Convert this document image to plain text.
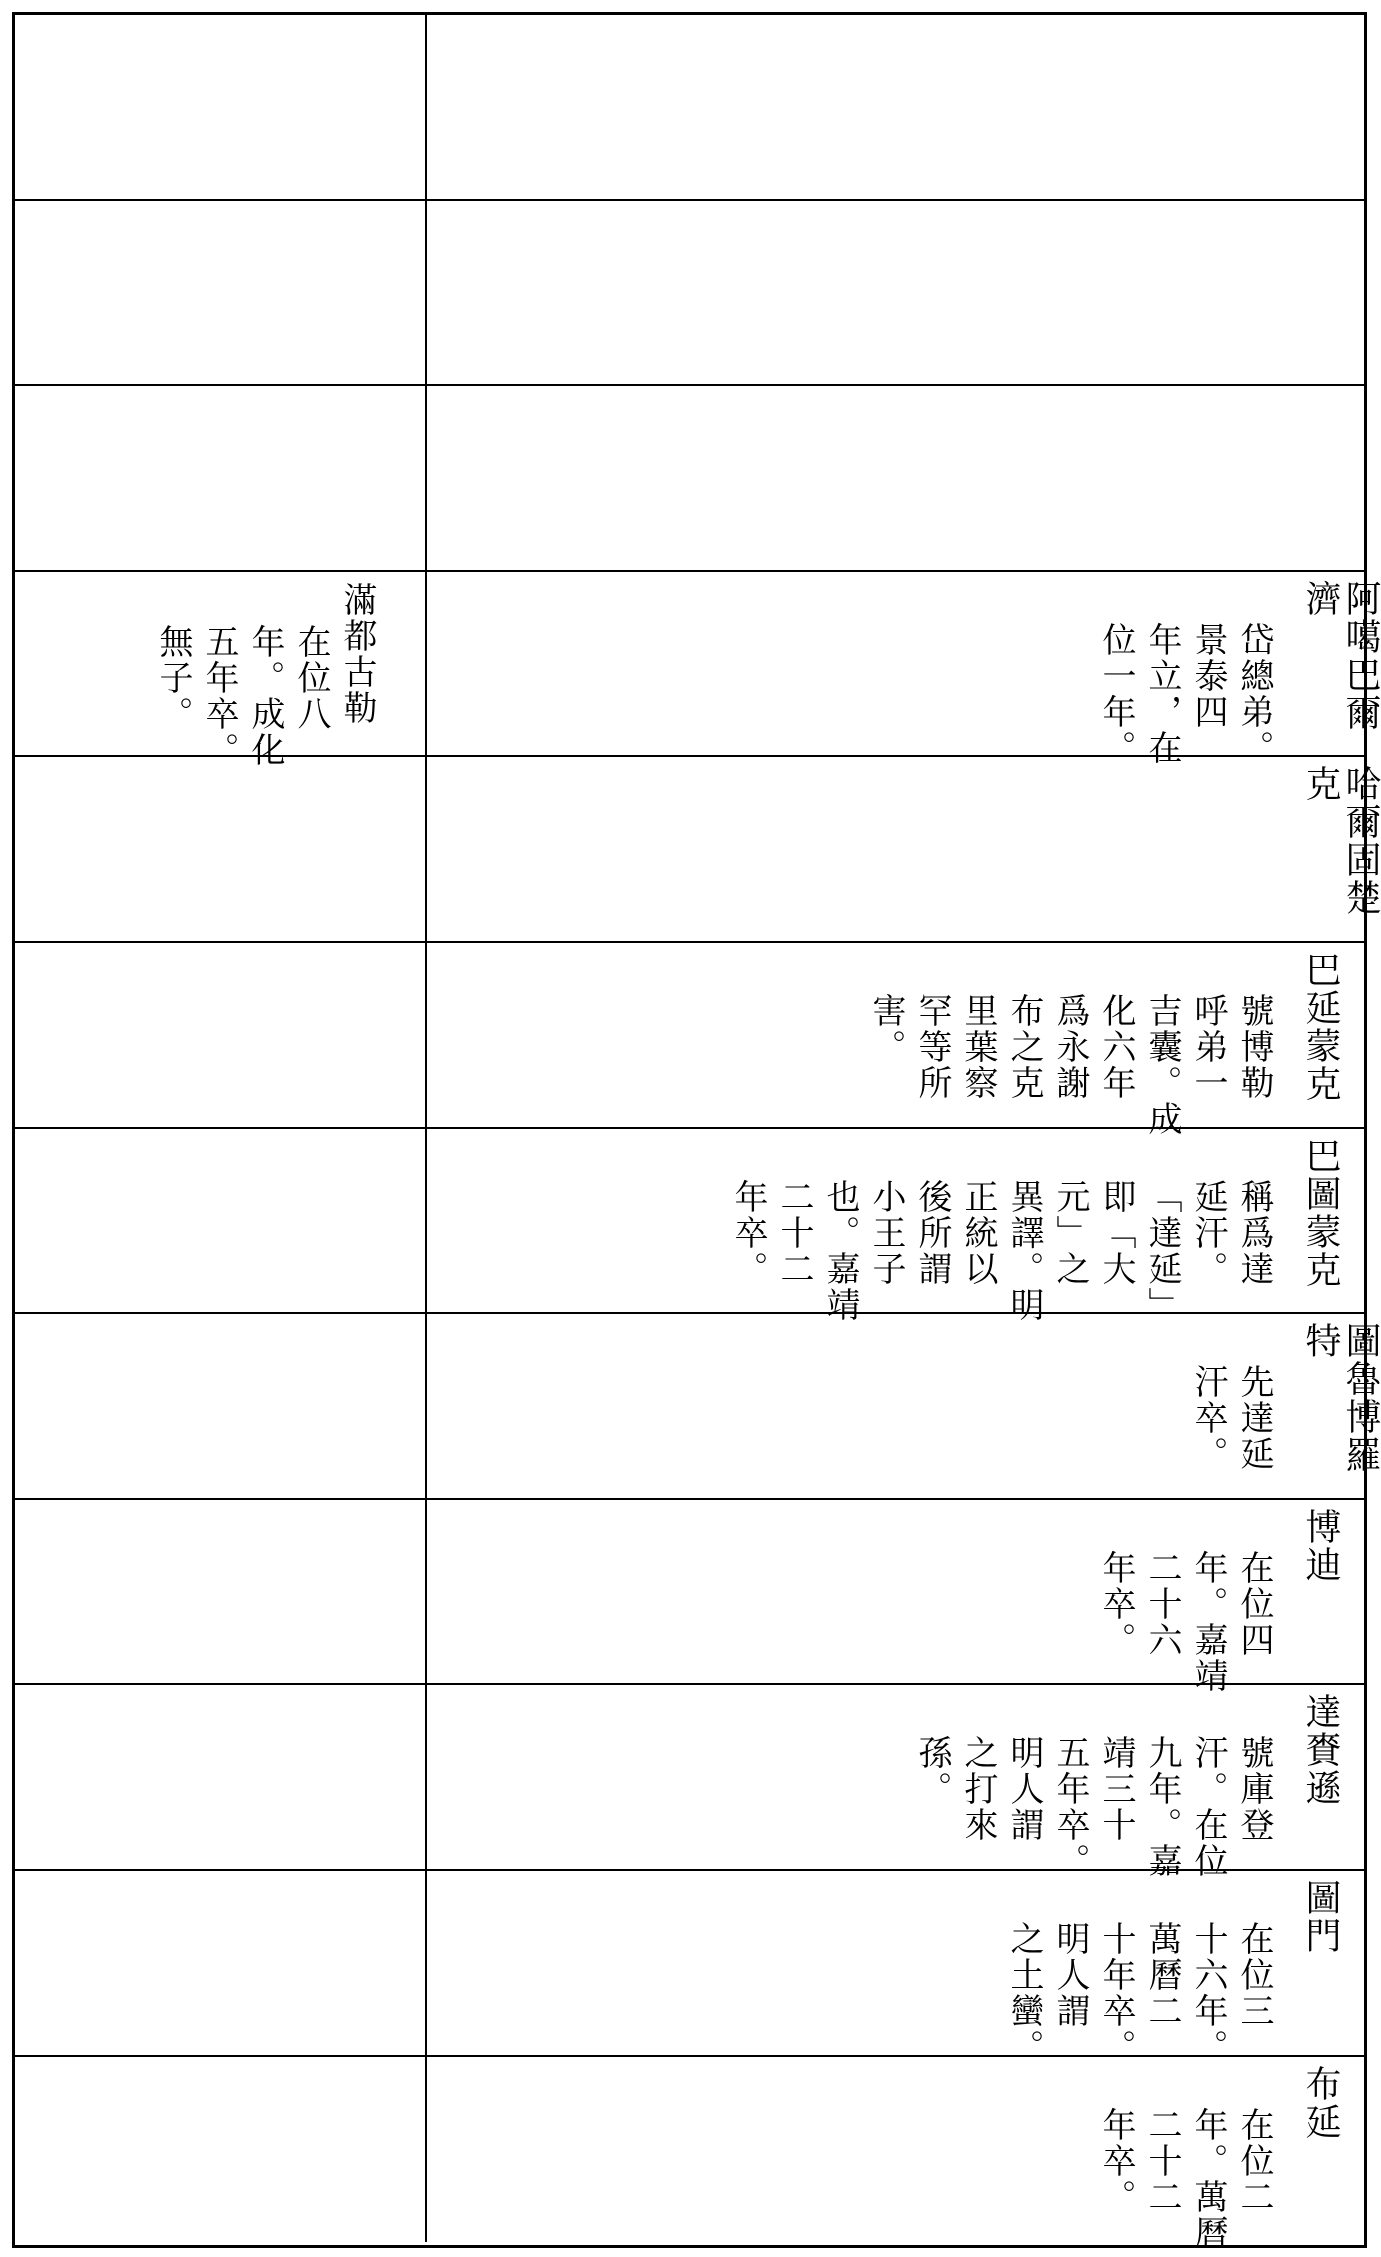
滿都古勒
在位八
年。成化
五年卒。
無子。	阿噶巴爾濟
岱總弟。
景泰四
年立，在
位一年。
哈爾固楚克
巴延蒙克
號博勒
呼弟一
吉囊。成
化六年
爲永謝
布之克
里葉察
罕等所
害。
巴圖蒙克
稱爲達
延汗。
「達延」
即「大
元」之
異譯。明
正統以
後所謂
小王子
也。嘉靖
二十二
年卒。
圖魯博羅特
先達延
汗卒。
博迪
在位四
年。嘉靖
二十六
年卒。
達賚遜
號庫登
汗。在位
九年。嘉
靖三十
五年卒。
明人謂
之打來
孫。
圖門
在位三
十六年。
萬曆二
十年卒。
明人謂
之土蠻。
布延
在位二
年。萬曆
二十二
年卒。
